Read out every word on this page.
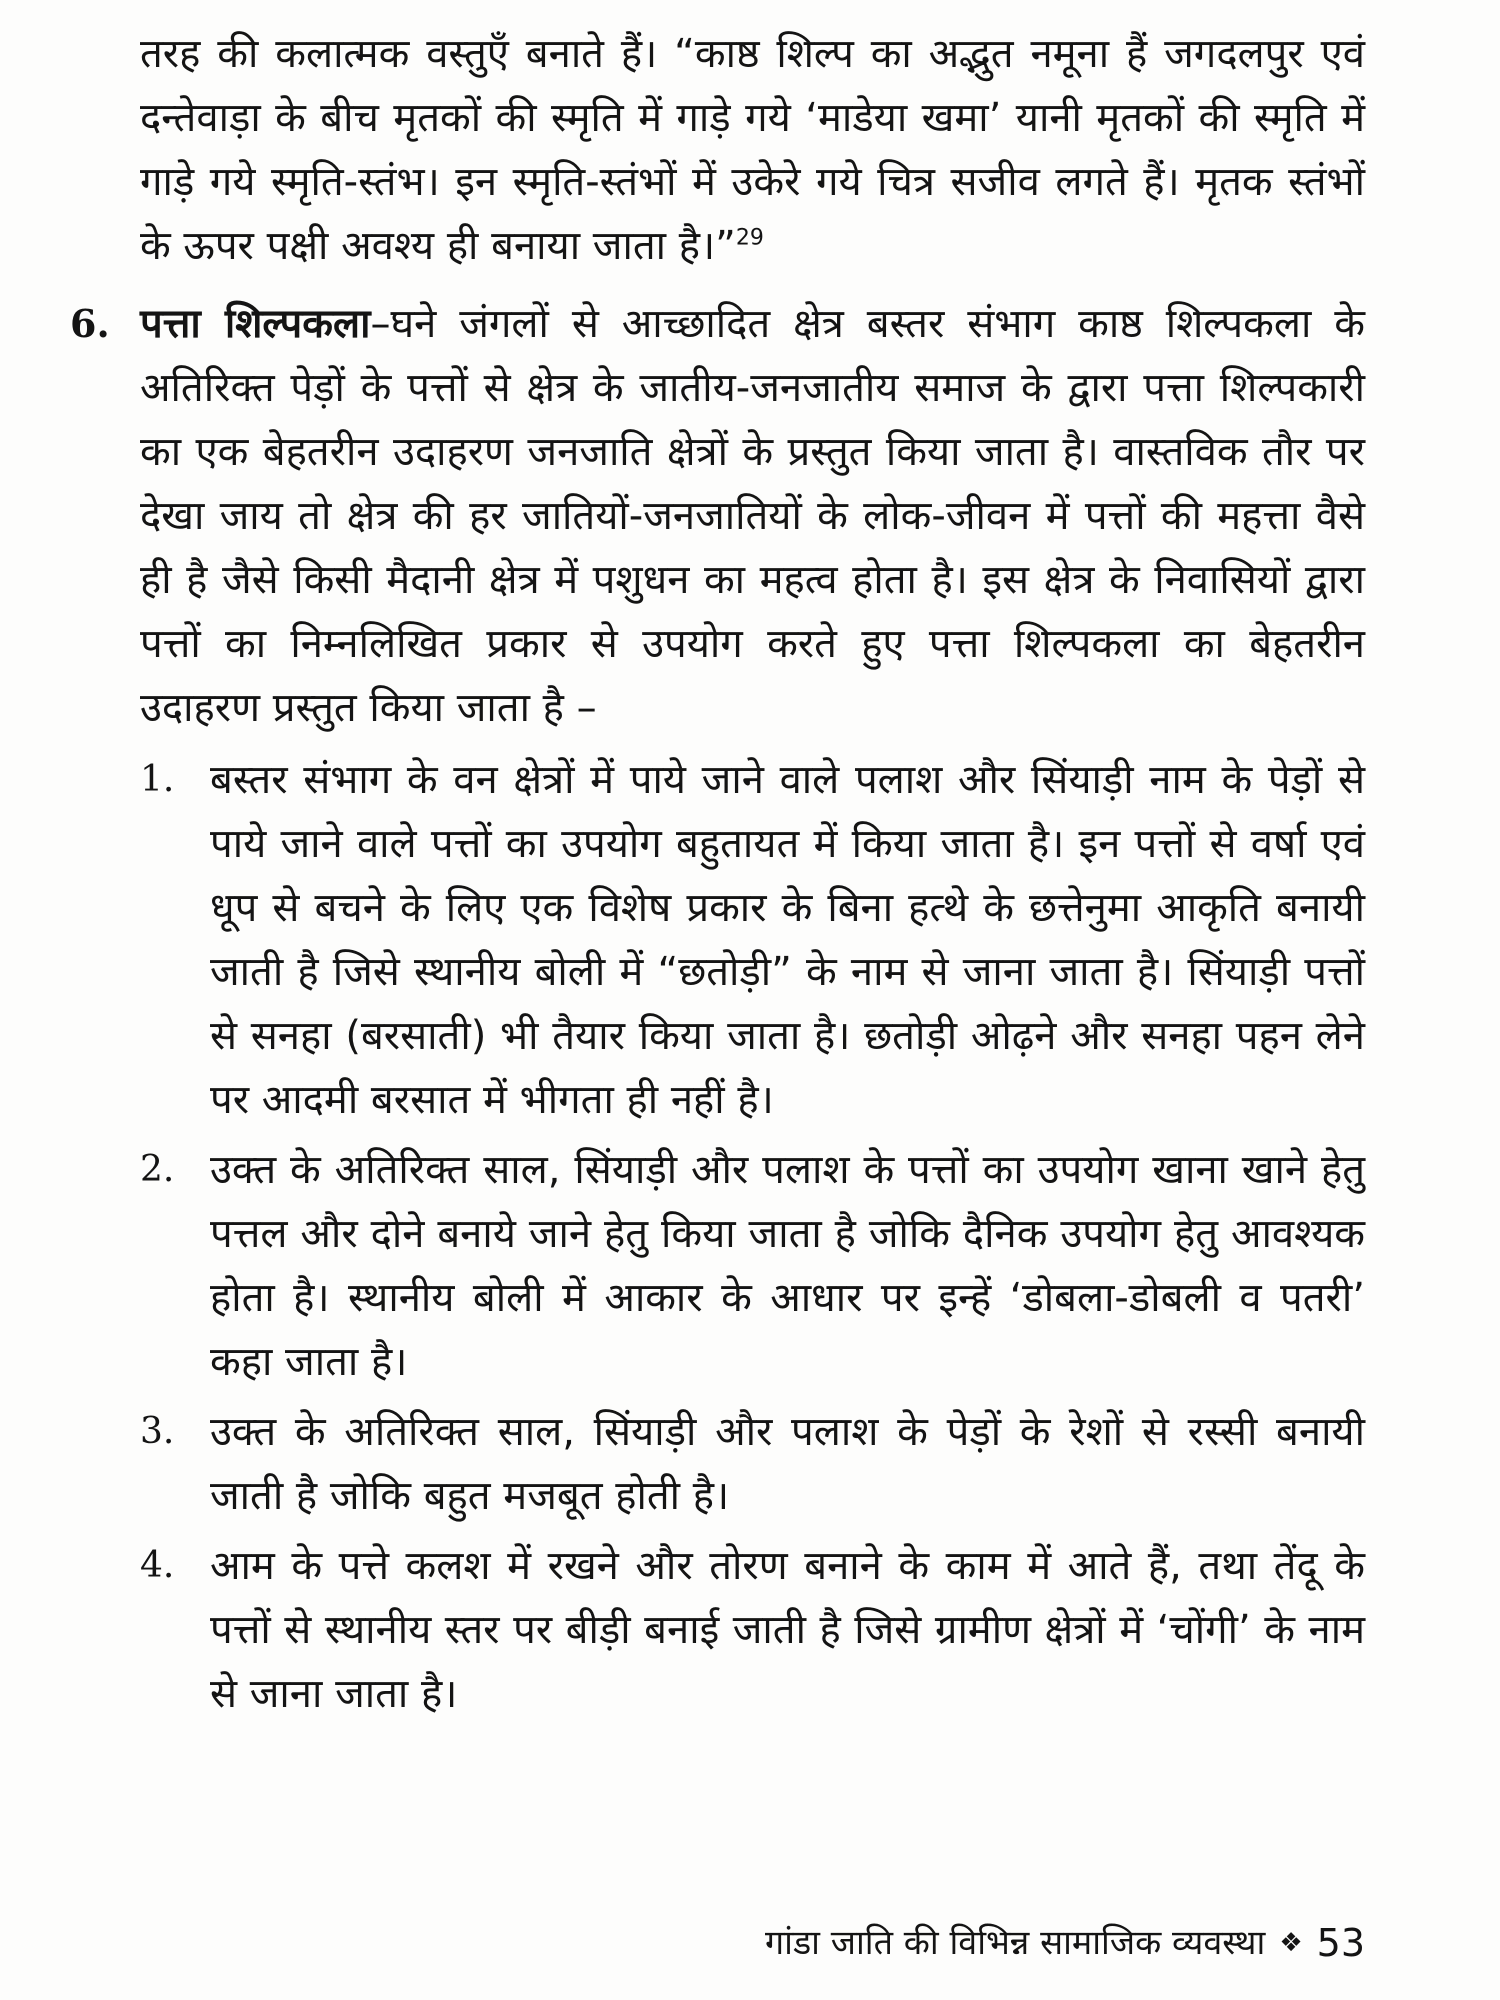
तरह की कलात्मक वस्तुएँ बनाते हैं। “काष्ठ शिल्प का अद्भुत नमूना हैं जगदलपुर एवं दन्तेवाड़ा के बीच मृतकों की स्मृति में गाड़े गये ‘माडेया खमा’ यानी मृतकों की स्मृति में गाड़े गये स्मृति-स्तंभ। इन स्मृति-स्तंभों में उकेरे गये चित्र सजीव लगते हैं। मृतक स्तंभों के ऊपर पक्षी अवश्य ही बनाया जाता है।”$^{29}$

6. पत्ता शिल्पकला–घने जंगलों से आच्छादित क्षेत्र बस्तर संभाग काष्ठ शिल्पकला के अतिरिक्त पेड़ों के पत्तों से क्षेत्र के जातीय-जनजातीय समाज के द्वारा पत्ता शिल्पकारी का एक बेहतरीन उदाहरण जनजाति क्षेत्रों के प्रस्तुत किया जाता है। वास्तविक तौर पर देखा जाय तो क्षेत्र की हर जातियों-जनजातियों के लोक-जीवन में पत्तों की महत्ता वैसे ही है जैसे किसी मैदानी क्षेत्र में पशुधन का महत्व होता है। इस क्षेत्र के निवासियों द्वारा पत्तों का निम्नलिखित प्रकार से उपयोग करते हुए पत्ता शिल्पकला का बेहतरीन उदाहरण प्रस्तुत किया जाता है –

1. बस्तर संभाग के वन क्षेत्रों में पाये जाने वाले पलाश और सिंयाड़ी नाम के पेड़ों से पाये जाने वाले पत्तों का उपयोग बहुतायत में किया जाता है। इन पत्तों से वर्षा एवं धूप से बचने के लिए एक विशेष प्रकार के बिना हत्थे के छत्तेनुमा आकृति बनायी जाती है जिसे स्थानीय बोली में “छतोड़ी” के नाम से जाना जाता है। सिंयाड़ी पत्तों से सनहा (बरसाती) भी तैयार किया जाता है। छतोड़ी ओढ़ने और सनहा पहन लेने पर आदमी बरसात में भीगता ही नहीं है।

2. उक्त के अतिरिक्त साल, सिंयाड़ी और पलाश के पत्तों का उपयोग खाना खाने हेतु पत्तल और दोने बनाये जाने हेतु किया जाता है जोकि दैनिक उपयोग हेतु आवश्यक होता है। स्थानीय बोली में आकार के आधार पर इन्हें ‘डोबला-डोबली व पतरी’ कहा जाता है।

3. उक्त के अतिरिक्त साल, सिंयाड़ी और पलाश के पेड़ों के रेशों से रस्सी बनायी जाती है जोकि बहुत मजबूत होती है।

4. आम के पत्ते कलश में रखने और तोरण बनाने के काम में आते हैं, तथा तेंदू के पत्तों से स्थानीय स्तर पर बीड़ी बनाई जाती है जिसे ग्रामीण क्षेत्रों में ‘चोंगी’ के नाम से जाना जाता है।

गांडा जाति की विभिन्न सामाजिक व्यवस्था ❖ 53
